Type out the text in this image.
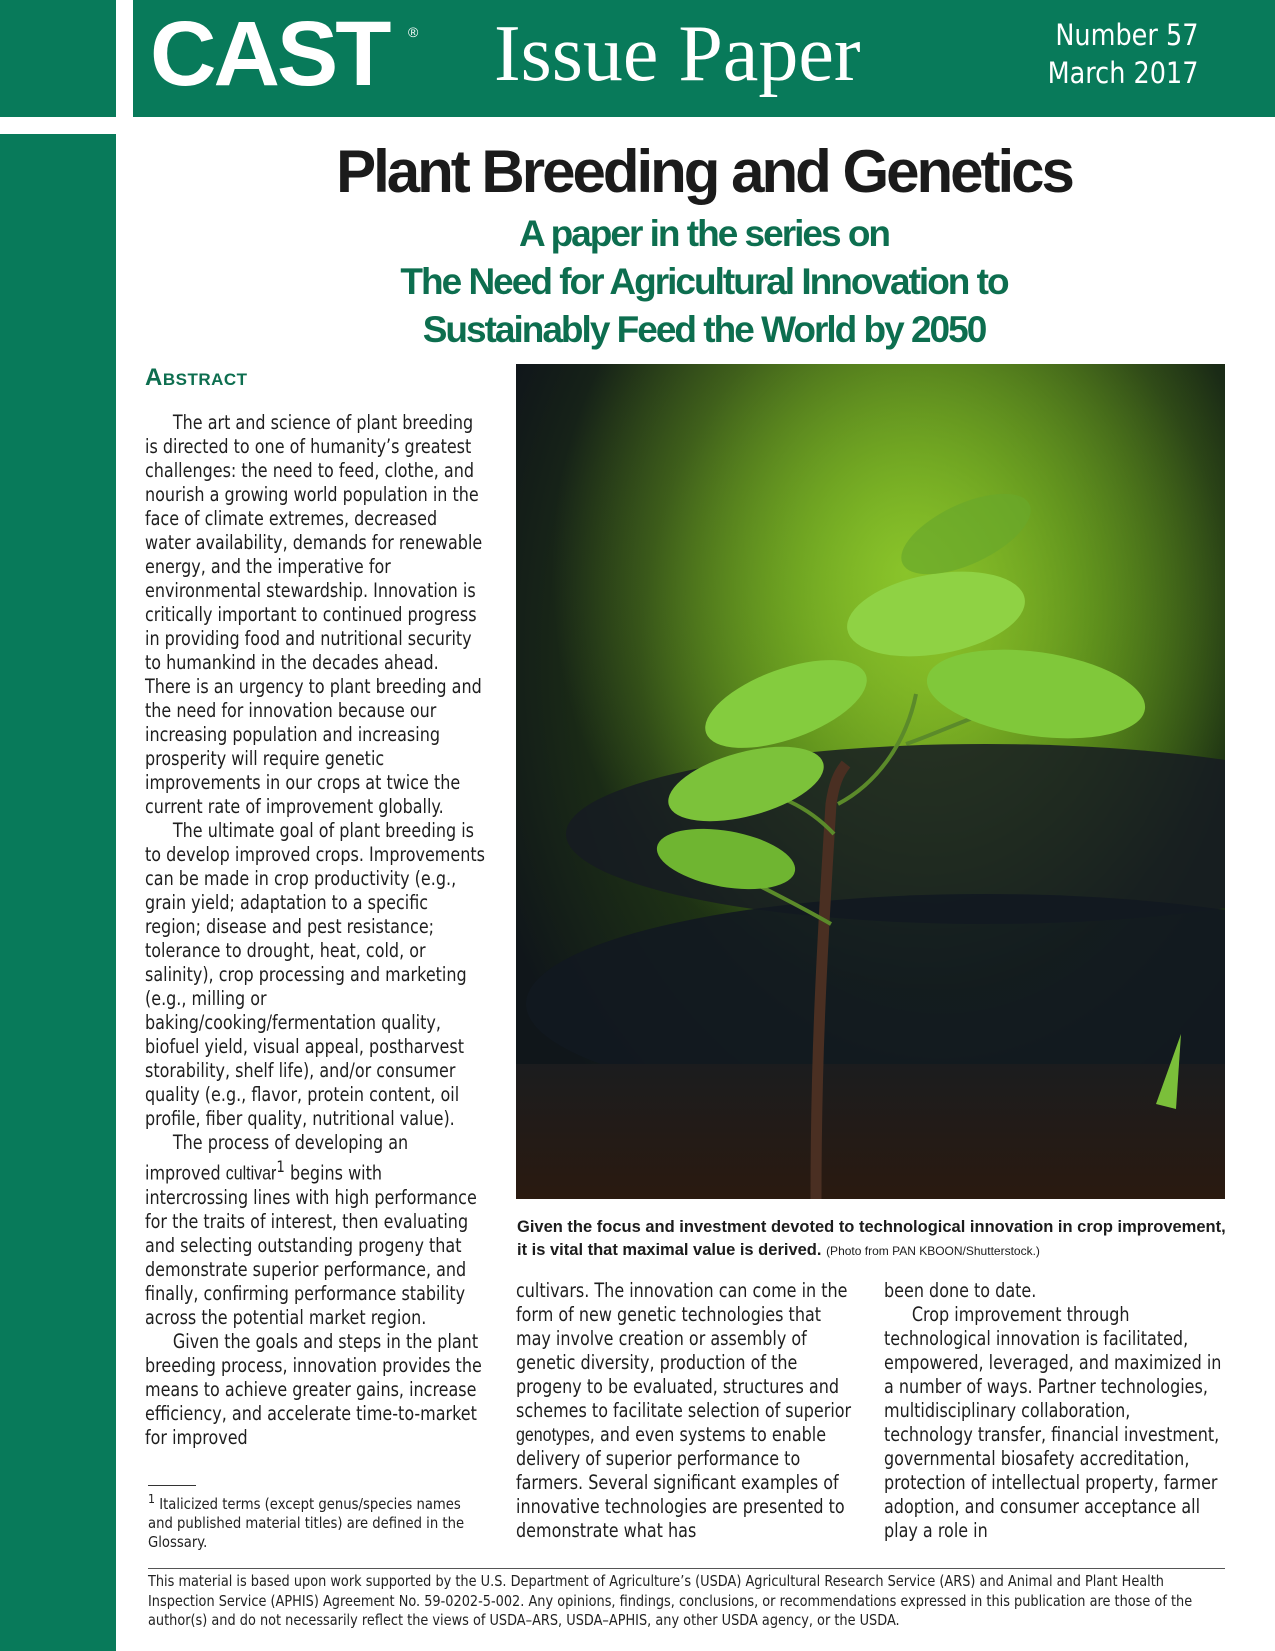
CAST ® Issue Paper	Number 57
March 2017
Plant Breeding and Genetics
A paper in the series on
The Need for Agricultural Innovation to
Sustainably Feed the World by 2050
Abstract

The art and science of plant breeding is directed to one of humanity’s greatest challenges: the need to feed, clothe, and nourish a growing world population in the face of climate extremes, decreased water availability, demands for renewable energy, and the imperative for environmental stewardship. Innovation is critically important to continued progress in providing food and nutritional security to humankind in the decades ahead. There is an urgency to plant breeding and the need for innovation because our increasing population and increasing prosperity will require genetic improvements in our crops at twice the current rate of improvement globally.

The ultimate goal of plant breeding is to develop improved crops. Improvements can be made in crop productivity (e.g., grain yield; adaptation to a specific region; disease and pest resistance; tolerance to drought, heat, cold, or salinity), crop processing and marketing (e.g., milling or baking/cooking/fermentation quality, biofuel yield, visual appeal, postharvest storability, shelf life), and/or consumer quality (e.g., flavor, protein content, oil profile, fiber quality, nutritional value).

The process of developing an improved cultivar$^1$ begins with intercrossing lines with high performance for the traits of interest, then evaluating and selecting outstanding progeny that demonstrate superior performance, and finally, confirming performance stability across the potential market region.

Given the goals and steps in the plant breeding process, innovation provides the means to achieve greater gains, increase efficiency, and accelerate time-to-market for improved

$^1$ Italicized terms (except genus/species names and published material titles) are defined in the Glossary.
Given the focus and investment devoted to technological innovation in crop improvement, it is vital that maximal value is derived. (Photo from PAN KBOON/Shutterstock.)

cultivars. The innovation can come in the form of new genetic technologies that may involve creation or assembly of genetic diversity, production of the progeny to be evaluated, structures and schemes to facilitate selection of superior genotypes, and even systems to enable delivery of superior performance to farmers. Several significant examples of innovative technologies are presented to demonstrate what has

been done to date.

Crop improvement through technological innovation is facilitated, empowered, leveraged, and maximized in a number of ways. Partner technologies, multidisciplinary collaboration, technology transfer, financial investment, governmental biosafety accreditation, protection of intellectual property, farmer adoption, and consumer acceptance all play a role in

This material is based upon work supported by the U.S. Department of Agriculture’s (USDA) Agricultural Research Service (ARS) and Animal and Plant Health Inspection Service (APHIS) Agreement No. 59-0202-5-002. Any opinions, findings, conclusions, or recommendations expressed in this publication are those of the author(s) and do not necessarily reflect the views of USDA–ARS, USDA–APHIS, any other USDA agency, or the USDA.
